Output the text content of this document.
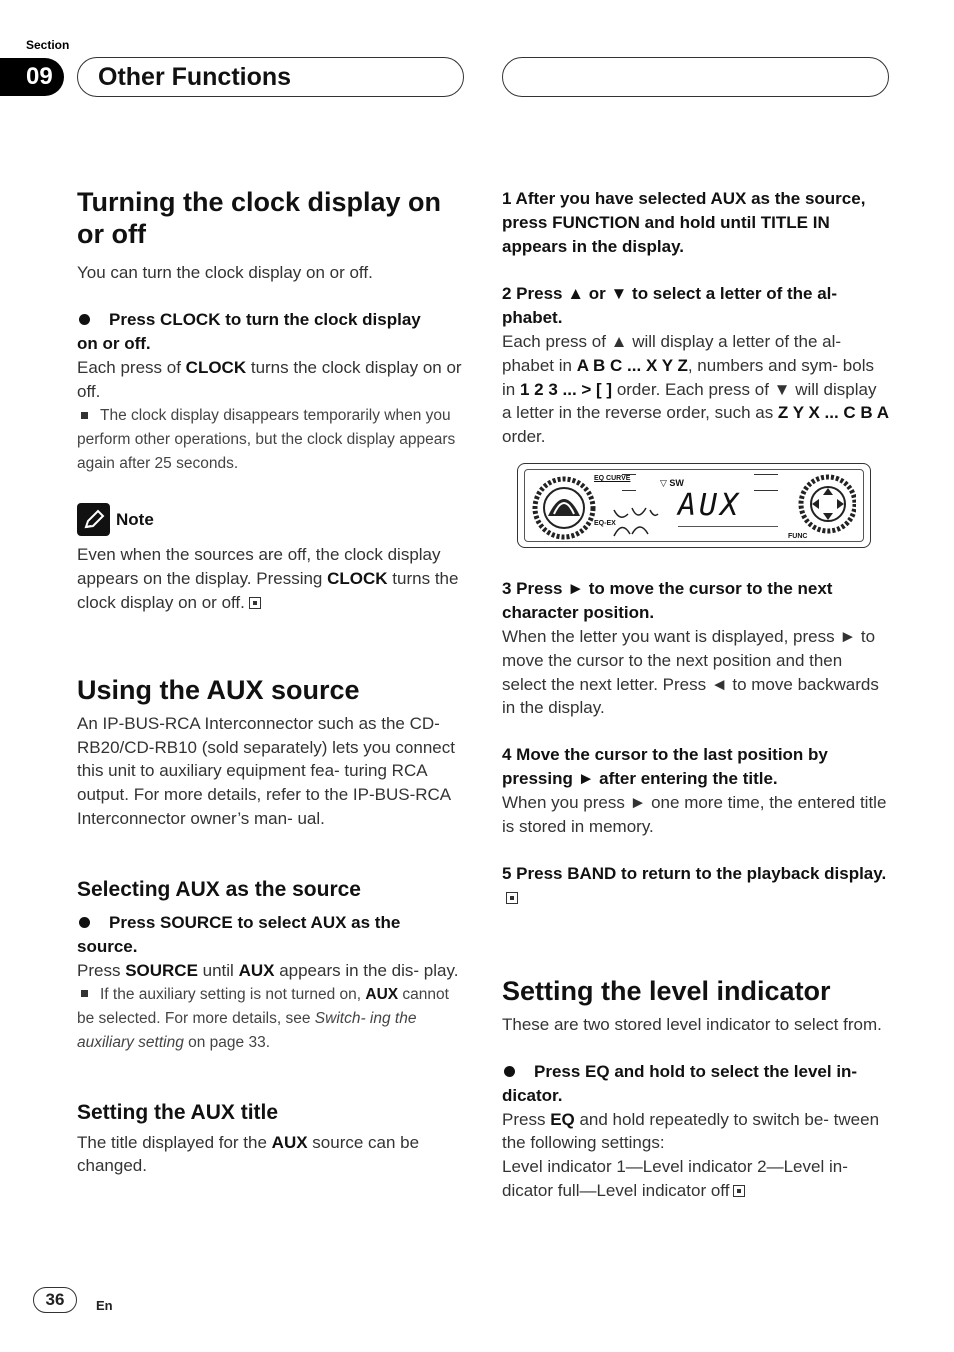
Section
09	Other Functions
Turning the clock display on or off

You can turn the clock display on or off.

Press CLOCK to turn the clock display

on or off.

Each press of CLOCK turns the clock display on or off.

The clock display disappears temporarily when you perform other operations, but the clock display appears again after 25 seconds.

Note

Even when the sources are off, the clock display appears on the display. Pressing CLOCK turns the clock display on or off.

Using the AUX source

An IP-BUS-RCA Interconnector such as the CD-RB20/CD-RB10 (sold separately) lets you connect this unit to auxiliary equipment fea- turing RCA output. For more details, refer to the IP-BUS-RCA Interconnector owner’s man- ual.

Selecting AUX as the source

Press SOURCE to select AUX as the

source.

Press SOURCE until AUX appears in the dis- play.

If the auxiliary setting is not turned on, AUX cannot be selected. For more details, see Switch- ing the auxiliary setting on page 33.

Setting the AUX title

The title displayed for the AUX source can be changed.

1 After you have selected AUX as the source, press FUNCTION and hold until TITLE IN appears in the display.

2 Press ▲ or ▼ to select a letter of the al- phabet.

Each press of ▲ will display a letter of the al- phabet in A B C ... X Y Z, numbers and sym- bols in 1 2 3 ... > [ ] order. Each press of ▼ will display a letter in the reverse order, such as Z Y X ... C B A order.

EQ CURVE
EQ-EX
▽ SW
AUX
FUNC

3 Press ► to move the cursor to the next character position.

When the letter you want is displayed, press ► to move the cursor to the next position and then select the next letter. Press ◄ to move backwards in the display.

4 Move the cursor to the last position by pressing ► after entering the title.

When you press ► one more time, the entered title is stored in memory.

5 Press BAND to return to the playback display.

Setting the level indicator

These are two stored level indicator to select from.

Press EQ and hold to select the level in-

dicator.

Press EQ and hold repeatedly to switch be- tween the following settings:

Level indicator 1—Level indicator 2—Level in- dicator full—Level indicator off

36	En
